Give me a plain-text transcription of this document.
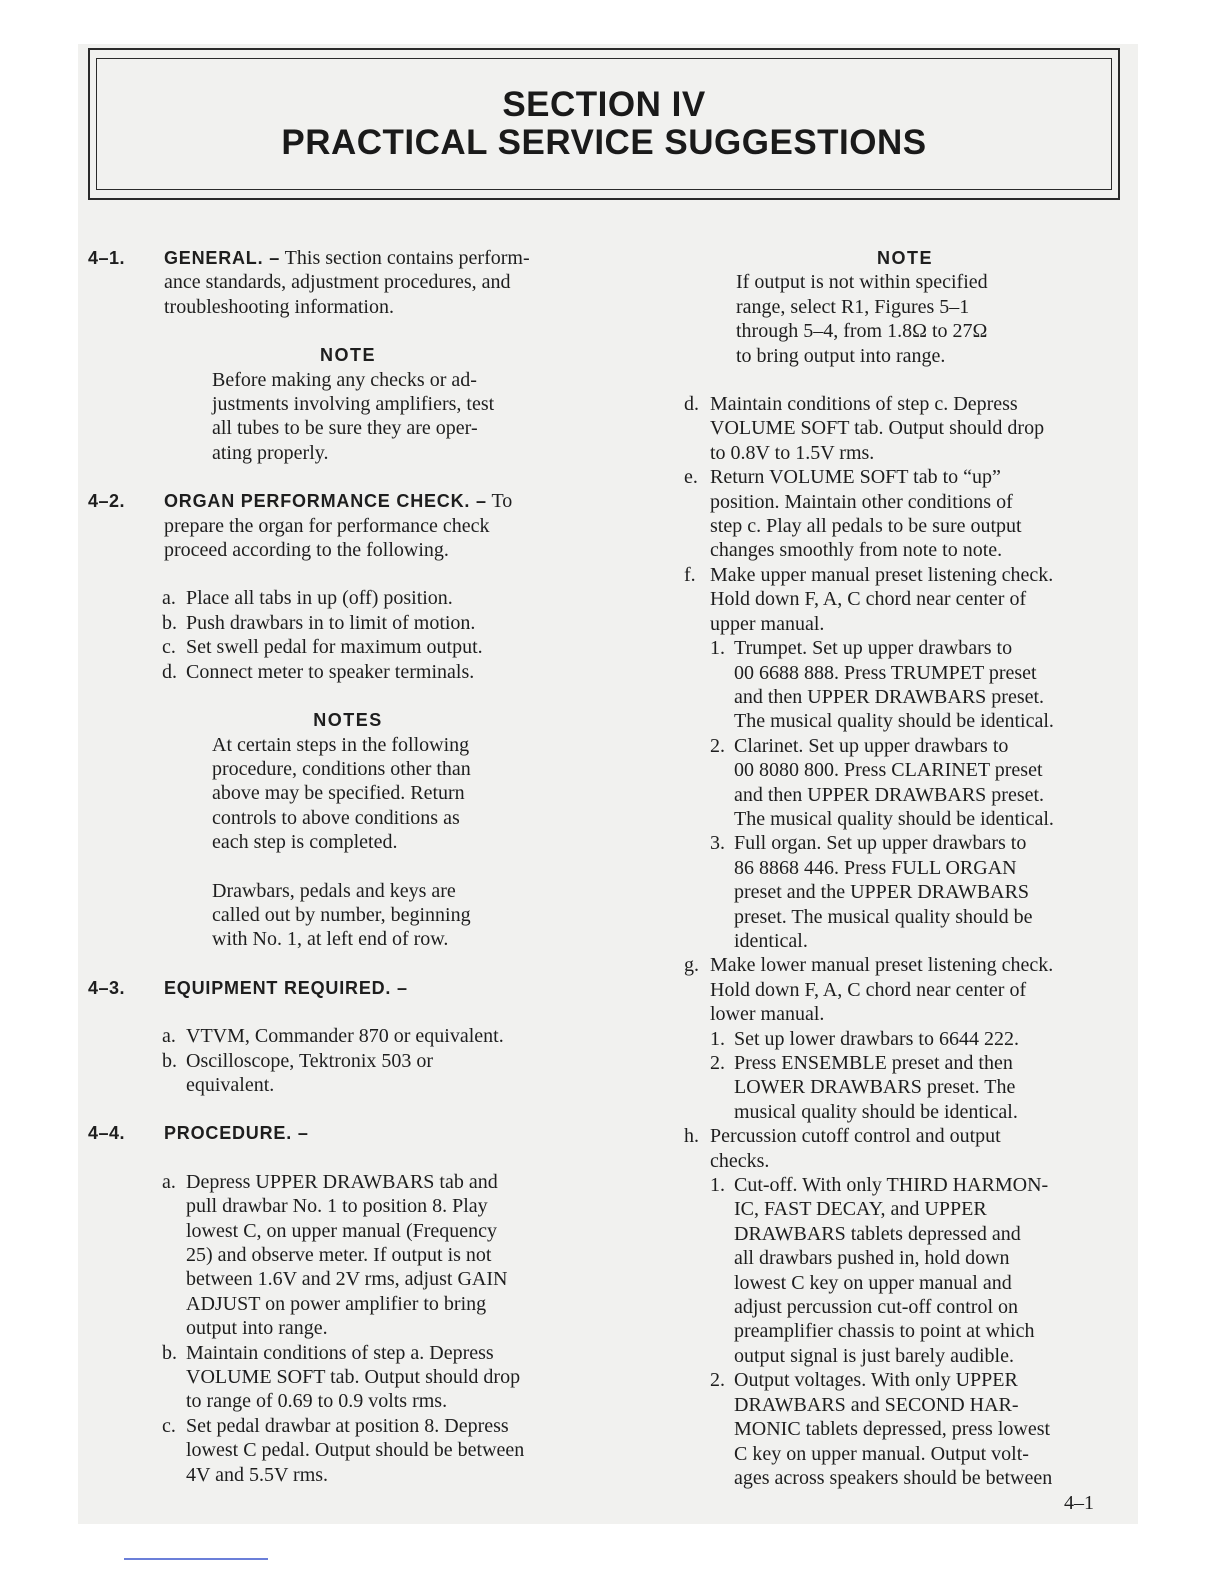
SECTION IV
PRACTICAL SERVICE SUGGESTIONS
4–1. GENERAL. – This section contains perform-
ance standards, adjustment procedures, and
troubleshooting information.
NOTE
Before making any checks or ad-
justments involving amplifiers, test
all tubes to be sure they are oper-
ating properly.
4–2. ORGAN PERFORMANCE CHECK. – To
prepare the organ for performance check
proceed according to the following.
a. Place all tabs in up (off) position.
b. Push drawbars in to limit of motion.
c. Set swell pedal for maximum output.
d. Connect meter to speaker terminals.
NOTES
At certain steps in the following
procedure, conditions other than
above may be specified. Return
controls to above conditions as
each step is completed.
Drawbars, pedals and keys are
called out by number, beginning
with No. 1, at left end of row.
4–3. EQUIPMENT REQUIRED. –
a. VTVM, Commander 870 or equivalent.
b. Oscilloscope, Tektronix 503 or
equivalent.
4–4. PROCEDURE. –
a. Depress UPPER DRAWBARS tab and
pull drawbar No. 1 to position 8. Play
lowest C, on upper manual (Frequency
25) and observe meter. If output is not
between 1.6V and 2V rms, adjust GAIN
ADJUST on power amplifier to bring
output into range.
b. Maintain conditions of step a. Depress
VOLUME SOFT tab. Output should drop
to range of 0.69 to 0.9 volts rms.
c. Set pedal drawbar at position 8. Depress
lowest C pedal. Output should be between
4V and 5.5V rms.
NOTE
If output is not within specified
range, select R1, Figures 5–1
through 5–4, from 1.8Ω to 27Ω
to bring output into range.
d. Maintain conditions of step c. Depress
VOLUME SOFT tab. Output should drop
to 0.8V to 1.5V rms.
e. Return VOLUME SOFT tab to “up”
position. Maintain other conditions of
step c. Play all pedals to be sure output
changes smoothly from note to note.
f. Make upper manual preset listening check.
Hold down F, A, C chord near center of
upper manual.
1. Trumpet. Set up upper drawbars to
00 6688 888. Press TRUMPET preset
and then UPPER DRAWBARS preset.
The musical quality should be identical.
2. Clarinet. Set up upper drawbars to
00 8080 800. Press CLARINET preset
and then UPPER DRAWBARS preset.
The musical quality should be identical.
3. Full organ. Set up upper drawbars to
86 8868 446. Press FULL ORGAN
preset and the UPPER DRAWBARS
preset. The musical quality should be
identical.
g. Make lower manual preset listening check.
Hold down F, A, C chord near center of
lower manual.
1. Set up lower drawbars to 6644 222.
2. Press ENSEMBLE preset and then
LOWER DRAWBARS preset. The
musical quality should be identical.
h. Percussion cutoff control and output
checks.
1. Cut-off. With only THIRD HARMON-
IC, FAST DECAY, and UPPER
DRAWBARS tablets depressed and
all drawbars pushed in, hold down
lowest C key on upper manual and
adjust percussion cut-off control on
preamplifier chassis to point at which
output signal is just barely audible.
2. Output voltages. With only UPPER
DRAWBARS and SECOND HAR-
MONIC tablets depressed, press lowest
C key on upper manual. Output volt-
ages across speakers should be between
4–1
